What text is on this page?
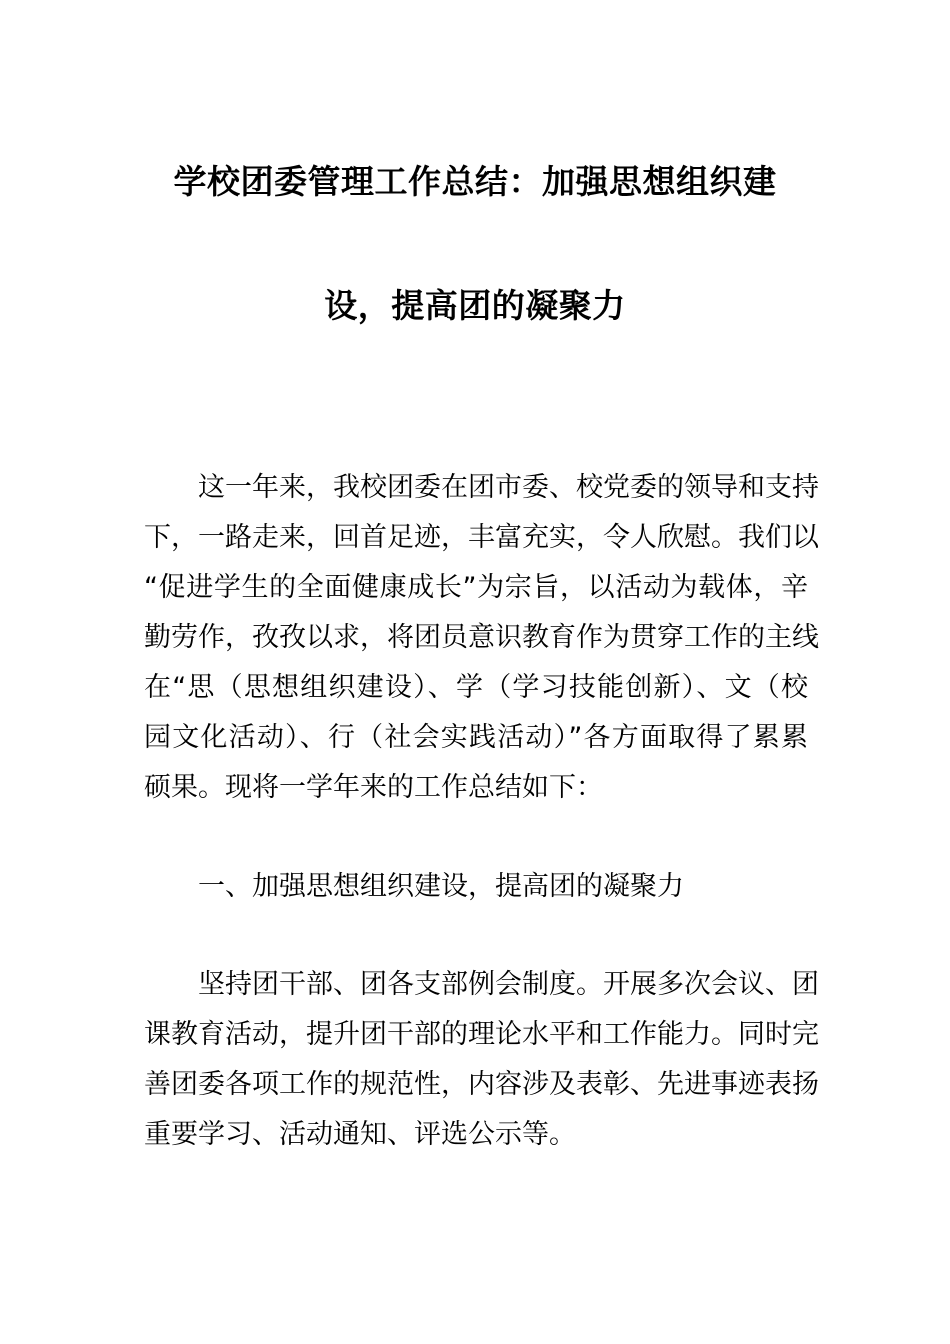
学校团委管理工作总结：加强思想组织建
设，提高团的凝聚力
这一年来，我校团委在团市委、校党委的领导和支持
下，一路走来，回首足迹，丰富充实，令人欣慰。我们以
“促进学生的全面健康成长”为宗旨，以活动为载体，辛
勤劳作，孜孜以求，将团员意识教育作为贯穿工作的主线
在“思（思想组织建设）、学（学习技能创新）、文（校
园文化活动）、行（社会实践活动）”各方面取得了累累
硕果。现将一学年来的工作总结如下：
一、加强思想组织建设，提高团的凝聚力
坚持团干部、团各支部例会制度。开展多次会议、团
课教育活动，提升团干部的理论水平和工作能力。同时完
善团委各项工作的规范性，内容涉及表彰、先进事迹表扬
重要学习、活动通知、评选公示等。
